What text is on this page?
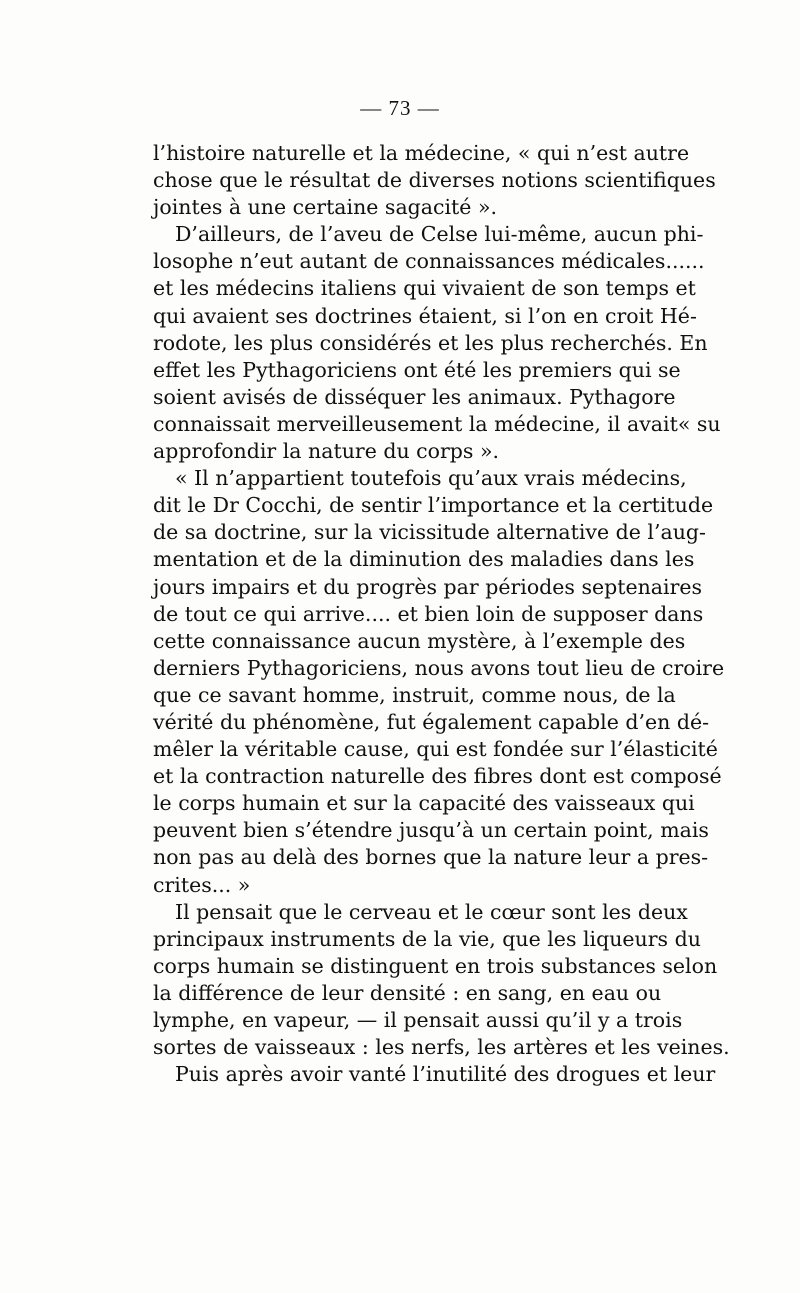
— 73 —
l’histoire naturelle et la médecine, « qui n’est autre
chose que le résultat de diverses notions scientifiques
jointes à une certaine sagacité ».
D’ailleurs, de l’aveu de Celse lui-même, aucun phi-
losophe n’eut autant de connaissances médicales......
et les médecins italiens qui vivaient de son temps et
qui avaient ses doctrines étaient, si l’on en croit Hé-
rodote, les plus considérés et les plus recherchés. En
effet les Pythagoriciens ont été les premiers qui se
soient avisés de disséquer les animaux. Pythagore
connaissait merveilleusement la médecine, il avait« su
approfondir la nature du corps ».
« Il n’appartient toutefois qu’aux vrais médecins,
dit le Dr Cocchi, de sentir l’importance et la certitude
de sa doctrine, sur la vicissitude alternative de l’aug-
mentation et de la diminution des maladies dans les
jours impairs et du progrès par périodes septenaires
de tout ce qui arrive.... et bien loin de supposer dans
cette connaissance aucun mystère, à l’exemple des
derniers Pythagoriciens, nous avons tout lieu de croire
que ce savant homme, instruit, comme nous, de la
vérité du phénomène, fut également capable d’en dé-
mêler la véritable cause, qui est fondée sur l’élasticité
et la contraction naturelle des fibres dont est composé
le corps humain et sur la capacité des vaisseaux qui
peuvent bien s’étendre jusqu’à un certain point, mais
non pas au delà des bornes que la nature leur a pres-
crites... »
Il pensait que le cerveau et le cœur sont les deux
principaux instruments de la vie, que les liqueurs du
corps humain se distinguent en trois substances selon
la différence de leur densité : en sang, en eau ou
lymphe, en vapeur, — il pensait aussi qu’il y a trois
sortes de vaisseaux : les nerfs, les artères et les veines.
Puis après avoir vanté l’inutilité des drogues et leur
